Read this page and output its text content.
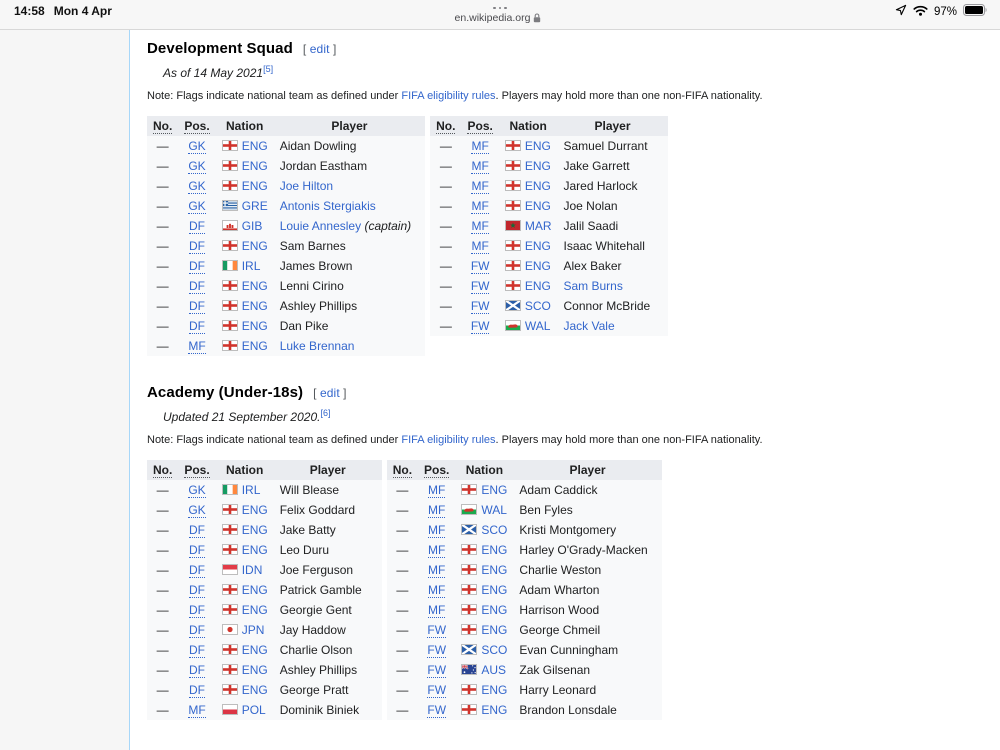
14:58 Mon 4 Apr	en.wikipedia.org
97%
Development Squad [ edit ]

As of 14 May 2021[5]

Note: Flags indicate national team as defined under FIFA eligibility rules. Players may hold more than one non-FIFA nationality.

No.	Pos.	Nation	Player
—	GK	ENG	Aidan Dowling
—	GK	ENG	Jordan Eastham
—	GK	ENG	Joe Hilton
—	GK	GRE	Antonis Stergiakis
—	DF	GIB	Louie Annesley (captain)
—	DF	ENG	Sam Barnes
—	DF	IRL	James Brown
—	DF	ENG	Lenni Cirino
—	DF	ENG	Ashley Phillips
—	DF	ENG	Dan Pike
—	MF	ENG	Luke Brennan
No.	Pos.	Nation	Player
—	MF	ENG	Samuel Durrant
—	MF	ENG	Jake Garrett
—	MF	ENG	Jared Harlock
—	MF	ENG	Joe Nolan
—	MF	MAR	Jalil Saadi
—	MF	ENG	Isaac Whitehall
—	FW	ENG	Alex Baker
—	FW	ENG	Sam Burns
—	FW	SCO	Connor McBride
—	FW	WAL	Jack Vale
Academy (Under-18s) [ edit ]

Updated 21 September 2020.[6]

Note: Flags indicate national team as defined under FIFA eligibility rules. Players may hold more than one non-FIFA nationality.

No.	Pos.	Nation	Player
—	GK	IRL	Will Blease
—	GK	ENG	Felix Goddard
—	DF	ENG	Jake Batty
—	DF	ENG	Leo Duru
—	DF	IDN	Joe Ferguson
—	DF	ENG	Patrick Gamble
—	DF	ENG	Georgie Gent
—	DF	JPN	Jay Haddow
—	DF	ENG	Charlie Olson
—	DF	ENG	Ashley Phillips
—	DF	ENG	George Pratt
—	MF	POL	Dominik Biniek
No.	Pos.	Nation	Player
—	MF	ENG	Adam Caddick
—	MF	WAL	Ben Fyles
—	MF	SCO	Kristi Montgomery
—	MF	ENG	Harley O'Grady-Macken
—	MF	ENG	Charlie Weston
—	MF	ENG	Adam Wharton
—	MF	ENG	Harrison Wood
—	FW	ENG	George Chmeil
—	FW	SCO	Evan Cunningham
—	FW	AUS	Zak Gilsenan
—	FW	ENG	Harry Leonard
—	FW	ENG	Brandon Lonsdale
